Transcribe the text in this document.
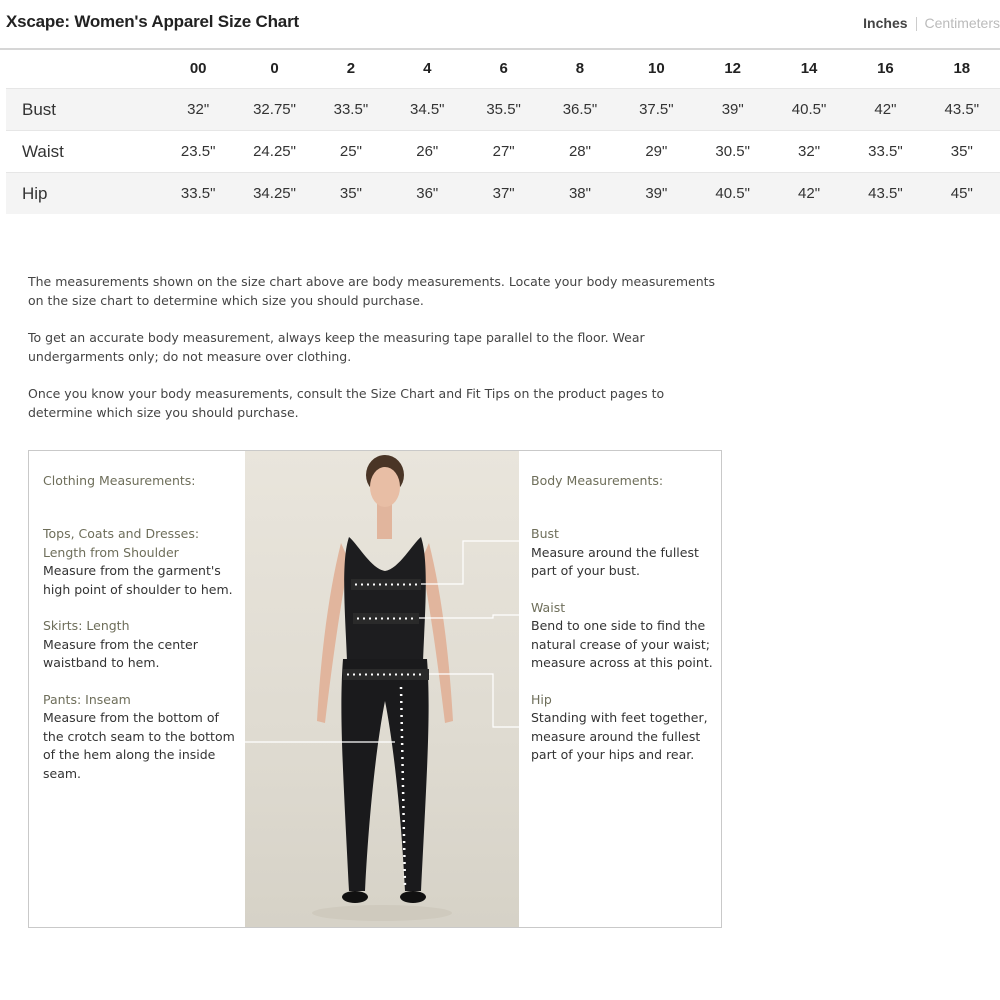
Xscape: Women's Apparel Size Chart	Inches Centimeters
	00	0	2	4	6	8	10	12	14	16	18
Bust	32"	32.75"	33.5"	34.5"	35.5"	36.5"	37.5"	39"	40.5"	42"	43.5"
Waist	23.5"	24.25"	25"	26"	27"	28"	29"	30.5"	32"	33.5"	35"
Hip	33.5"	34.25"	35"	36"	37"	38"	39"	40.5"	42"	43.5"	45"

The measurements shown on the size chart above are body measurements. Locate your body measurements on the size chart to determine which size you should purchase.

To get an accurate body measurement, always keep the measuring tape parallel to the floor. Wear undergarments only; do not measure over clothing.

Once you know your body measurements, consult the Size Chart and Fit Tips on the product pages to determine which size you should purchase.

Clothing Measurements:
Tops, Coats and Dresses: Length from Shoulder
Measure from the garment's high point of shoulder to hem.
Skirts: Length
Measure from the center waistband to hem.
Pants: Inseam
Measure from the bottom of the crotch seam to the bottom of the hem along the inside seam.
Body Measurements:
Bust
Measure around the fullest part of your bust.
Waist
Bend to one side to find the natural crease of your waist; measure across at this point.
Hip
Standing with feet together, measure around the fullest part of your hips and rear.
